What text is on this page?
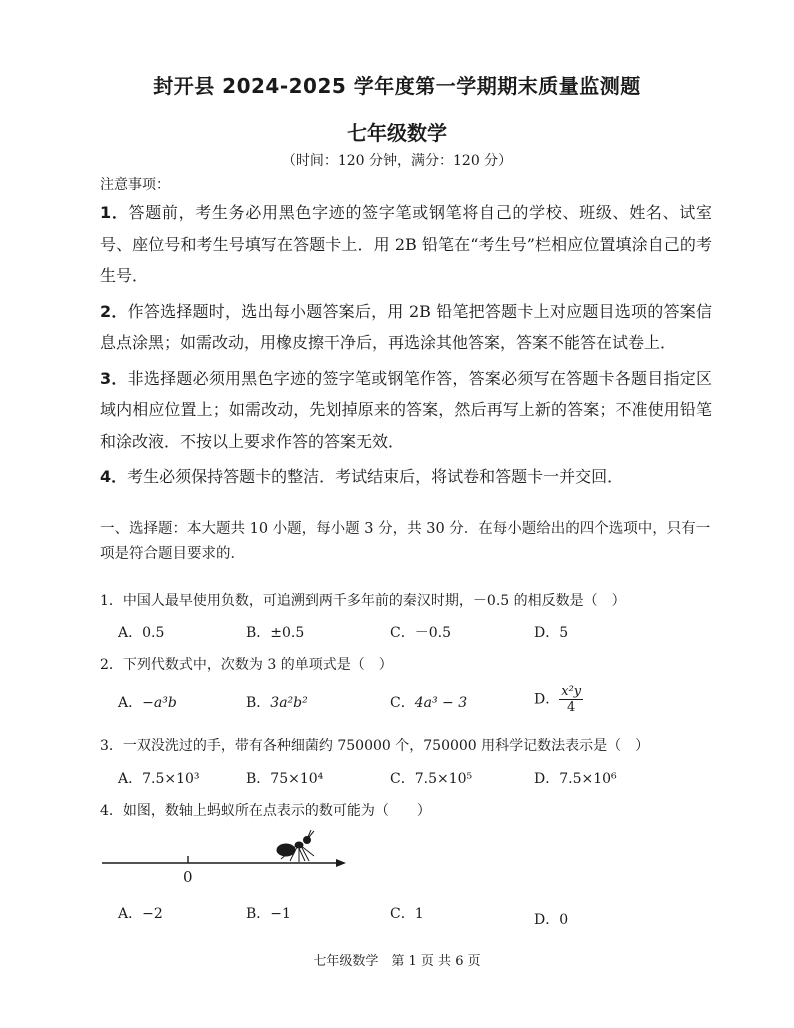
封开县 2024-2025 学年度第一学期期末质量监测题
七年级数学
（时间：120 分钟，满分：120 分）
注意事项：

1．答题前，考生务必用黑色字迹的签字笔或钢笔将自己的学校、班级、姓名、试室号、座位号和考生号填写在答题卡上．用 2B 铅笔在“考生号”栏相应位置填涂自己的考生号．

2．作答选择题时，选出每小题答案后，用 2B 铅笔把答题卡上对应题目选项的答案信息点涂黑；如需改动，用橡皮擦干净后，再选涂其他答案，答案不能答在试卷上．

3．非选择题必须用黑色字迹的签字笔或钢笔作答，答案必须写在答题卡各题目指定区域内相应位置上；如需改动，先划掉原来的答案，然后再写上新的答案；不准使用铅笔和涂改液．不按以上要求作答的答案无效．

4．考生必须保持答题卡的整洁．考试结束后，将试卷和答题卡一并交回．

一、选择题：本大题共 10 小题，每小题 3 分，共 30 分．在每小题给出的四个选项中，只有一项是符合题目要求的．
1．中国人最早使用负数，可追溯到两千多年前的秦汉时期，－0.5 的相反数是（　）
A．0.5	B．±0.5	C．－0.5	D．5
2．下列代数式中，次数为 3 的单项式是（　）
A．−a³b	B．3a²b²	C．4a³ − 3	D． $\frac{\text{x²y}}{4}$
3．一双没洗过的手，带有各种细菌约 750000 个，750000 用科学记数法表示是（　）
A．7.5×10³	B．75×10⁴	C．7.5×10⁵	D．7.5×10⁶
4．如图，数轴上蚂蚁所在点表示的数可能为（　　）
0
A．−2	B．−1	C．1	D．0
七年级数学　第 1 页 共 6 页
